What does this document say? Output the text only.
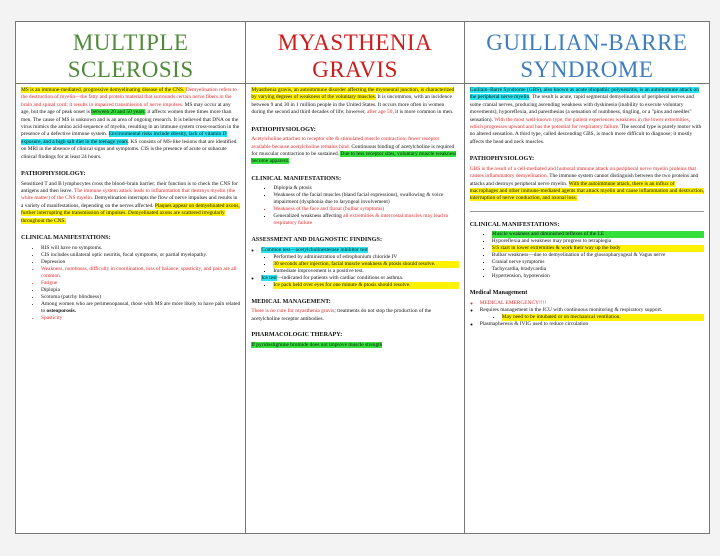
MULTIPLE
SCLEROSIS

MS is an immune-mediated, progressive demyelinating disease of the CNS. Demyelination refers to the destruction of myelin—the fatty and protein material that surrounds certain nerve fibers in the brain and spinal cord; it results in impaired transmission of nerve impulses. MS may occur at any age, but the age of peak onset is between 20 and 50 years; it affects women three times more than men. The cause of MS is unknown and is an area of ongoing research. It is believed that DNA on the virus mimics the amino acid sequence of myelin, resulting in an immune system cross-reaction in the presence of a defective immune system. Environmental risks include obesity, lack of vitamin D exposure, and a high salt diet in the teenage years. KS consists of MS-like lesions that are identified on MRI in the absence of clinical signs and symptoms. CIS is the presence of acute or subacute clinical findings for at least 24 hours.

PATHOPHYSIOLOGY:

Sensitized T and B lymphocytes cross the blood–brain barrier; their function is to check the CNS for antigens and then leave. The immune system attack leads to inflammation that destroys myelin (the white matter) of the CNS myelin. Demyelination interrupts the flow of nerve impulses and results in a variety of manifestations, depending on the nerves affected. Plaques appear on demyelinated axons, further interrupting the transmission of impulses. Demyelinated axons are scattered irregularly throughout the CNS.

CLINICAL MANIFESTATIONS:
• RIS will have no symptoms.
• CIS includes unilateral optic neuritis, focal symptoms, or partial myelopathy.
• Depression
• Weakness, numbness, difficulty in coordination, loss of balance, spasticity, and pain are all common.
• Fatigue
• Diplopia
• Scotoma (patchy blindness)
• Among women who are perimenopausal, those with MS are more likely to have pain related to osteoporosis.
• Spasticity
MYASTHENIA
GRAVIS

Myasthenia gravis, an autoimmune disorder affecting the myoneural junction, is characterized by varying degrees of weakness of the voluntary muscles. It is uncommon, with an incidence between 9 and 30 in 1 million people in the United States. It occurs more often in women during the second and third decades of life; however, after age 50, it is more common in men.

PATHOPHYSIOLOGY:

Acetylcholine attaches to receptor site & stimulated muscle contraction; fewer receptor available because acetylcholine remains bind. Continuous binding of acetylcholine is required for muscular contraction to be sustained. Due to less receptor sites, voluntary muscle weakness become apparent.

CLINICAL MANIFESTATIONS:
▪ Diplopia & ptosis
▪ Weakness of the facial muscles (bland facial expressions), swallowing & voice impairment (dysphonia due to laryngeal involvement)
▪ Weakness of the face and throat (bulbar symptoms)
▪ Generalized weakness affecting all extremities & intercostal muscles may lead to respiratory failure
ASSESSMENT AND DIAGNOSTIC FINDINGS:
◦ Common test—acetylcholinesterase inhibitor test
▪ Performed by administration of edrophonium chloride IV
▪ 30 seconds after injection, facial muscle weakness & ptosis should resolve.
▪ Immediate improvement is a positive test.
◦ Ice test—indicated for patients with cardiac conditions or asthma.
▪ Ice pack held over eyes for one minute & ptosis should resolve.
MEDICAL MANAGEMENT:

There is no cure for myasthenia gravis; treatments do not stop the production of the acetylcholine receptor antibodies.

PHARMACOLOGIC THERAPY:

If pyridostigmine bromide does not improve muscle strength

GUILLIAN-BARRE
SYNDROME

Guillain–Barré Syndrome (GBS), also known as acute idiopathic polyneuritis, is an autoimmune attack on the peripheral nerve myelin. The result is acute, rapid segmental demyelination of peripheral nerves and some cranial nerves, producing ascending weakness with dyskinesia (inability to execute voluntary movements), hyporeflexia, and paresthesias (a sensation of numbness, tingling, or a "pins and needles" sensation). With the most well-known type, the patient experiences weakness in the lower extremities, which progresses upward and has the potential for respiratory failure. The second type is purely motor with no altered sensation. A third type, called descending GBS, is much more difficult to diagnose; it mostly affects the head and neck muscles.

PATHOPHYSIOLOGY:

GBS is the result of a cell-mediated and humoral immune attack on peripheral nerve myelin proteins that causes inflammatory demyelination. The immune system cannot distinguish between the two proteins and attacks and destroys peripheral nerve myelin. With the autoimmune attack, there is an influx of macrophages and other immune-mediated agents that attack myelin and cause inflammation and destruction, interruption of nerve conduction, and axonal loss.

CLINICAL MANIFESTATIONS:
▪ Muscle weakness and diminished reflexes of the LE
▪ Hyporeflexia and weakness may progress to tetraplegia
▪ S/S start in lower extremities & work their way up the body
▪ Bulbar weakness—due to demyelination of the glossopharyngeal & Vagus nerve
▪ Cranial nerve symptoms
▪ Tachycardia, bradycardia
▪ Hypertension, hypotension
Medical Management
◦ MEDICAL EMERGENCY!!!!
◦ Requires management in the ICU with continuous monitoring & respiratory support.
▪ May need to be intubated or on mechanical ventilation.
◦ Plasmapheresis & IVIG used to reduce circulation
